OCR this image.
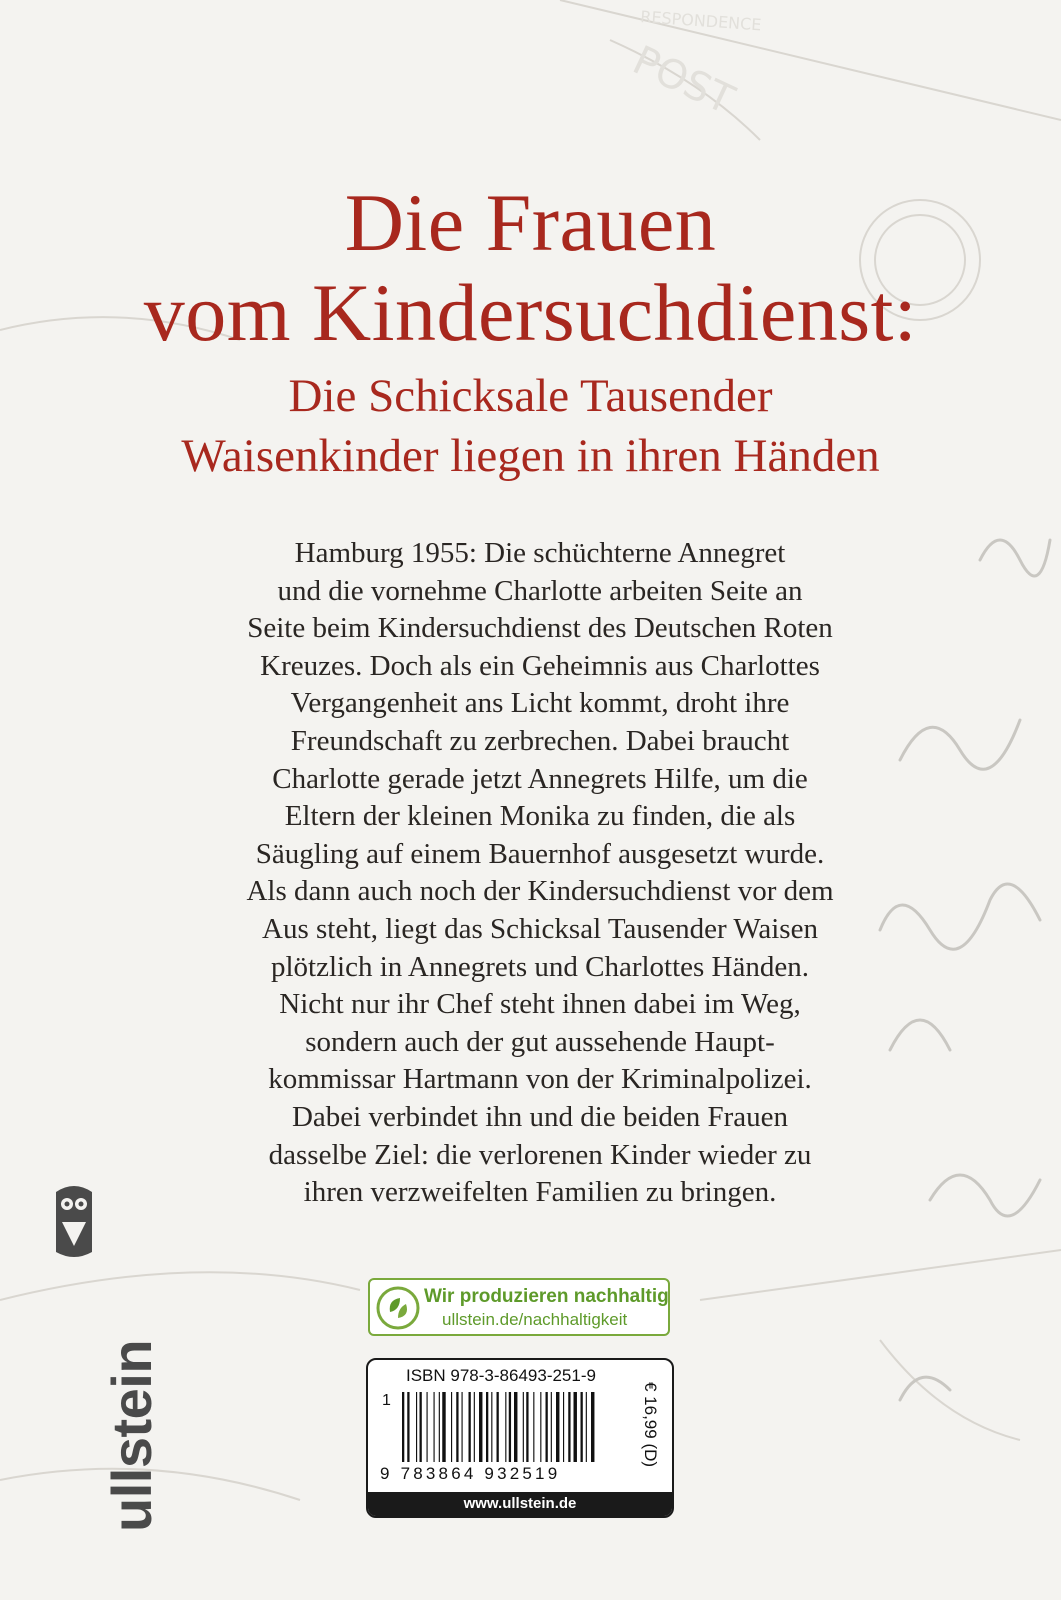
RESPONDENCE
POST
Die Frauen
vom Kindersuchdienst:
Die Schicksale Tausender
Waisenkinder liegen in ihren Händen
Hamburg 1955: Die schüchterne Annegret
und die vornehme Charlotte arbeiten Seite an
Seite beim Kindersuchdienst des Deutschen Roten
Kreuzes. Doch als ein Geheimnis aus Charlottes
Vergangenheit ans Licht kommt, droht ihre
Freundschaft zu zerbrechen. Dabei braucht
Charlotte gerade jetzt Annegrets Hilfe, um die
Eltern der kleinen Monika zu finden, die als
Säugling auf einem Bauernhof ausgesetzt wurde.
Als dann auch noch der Kindersuchdienst vor dem
Aus steht, liegt das Schicksal Tausender Waisen
plötzlich in Annegrets und Charlottes Händen.
Nicht nur ihr Chef steht ihnen dabei im Weg,
sondern auch der gut aussehende Haupt-
kommissar Hartmann von der Kriminalpolizei.
Dabei verbindet ihn und die beiden Frauen
dasselbe Ziel: die verlorenen Kinder wieder zu
ihren verzweifelten Familien zu bringen.
ullstein
Wir produzieren nachhaltig
ullstein.de/nachhaltigkeit
ISBN 978-3-86493-251-9
1
9 783864 932519
€ 16,99 (D)
www.ullstein.de
